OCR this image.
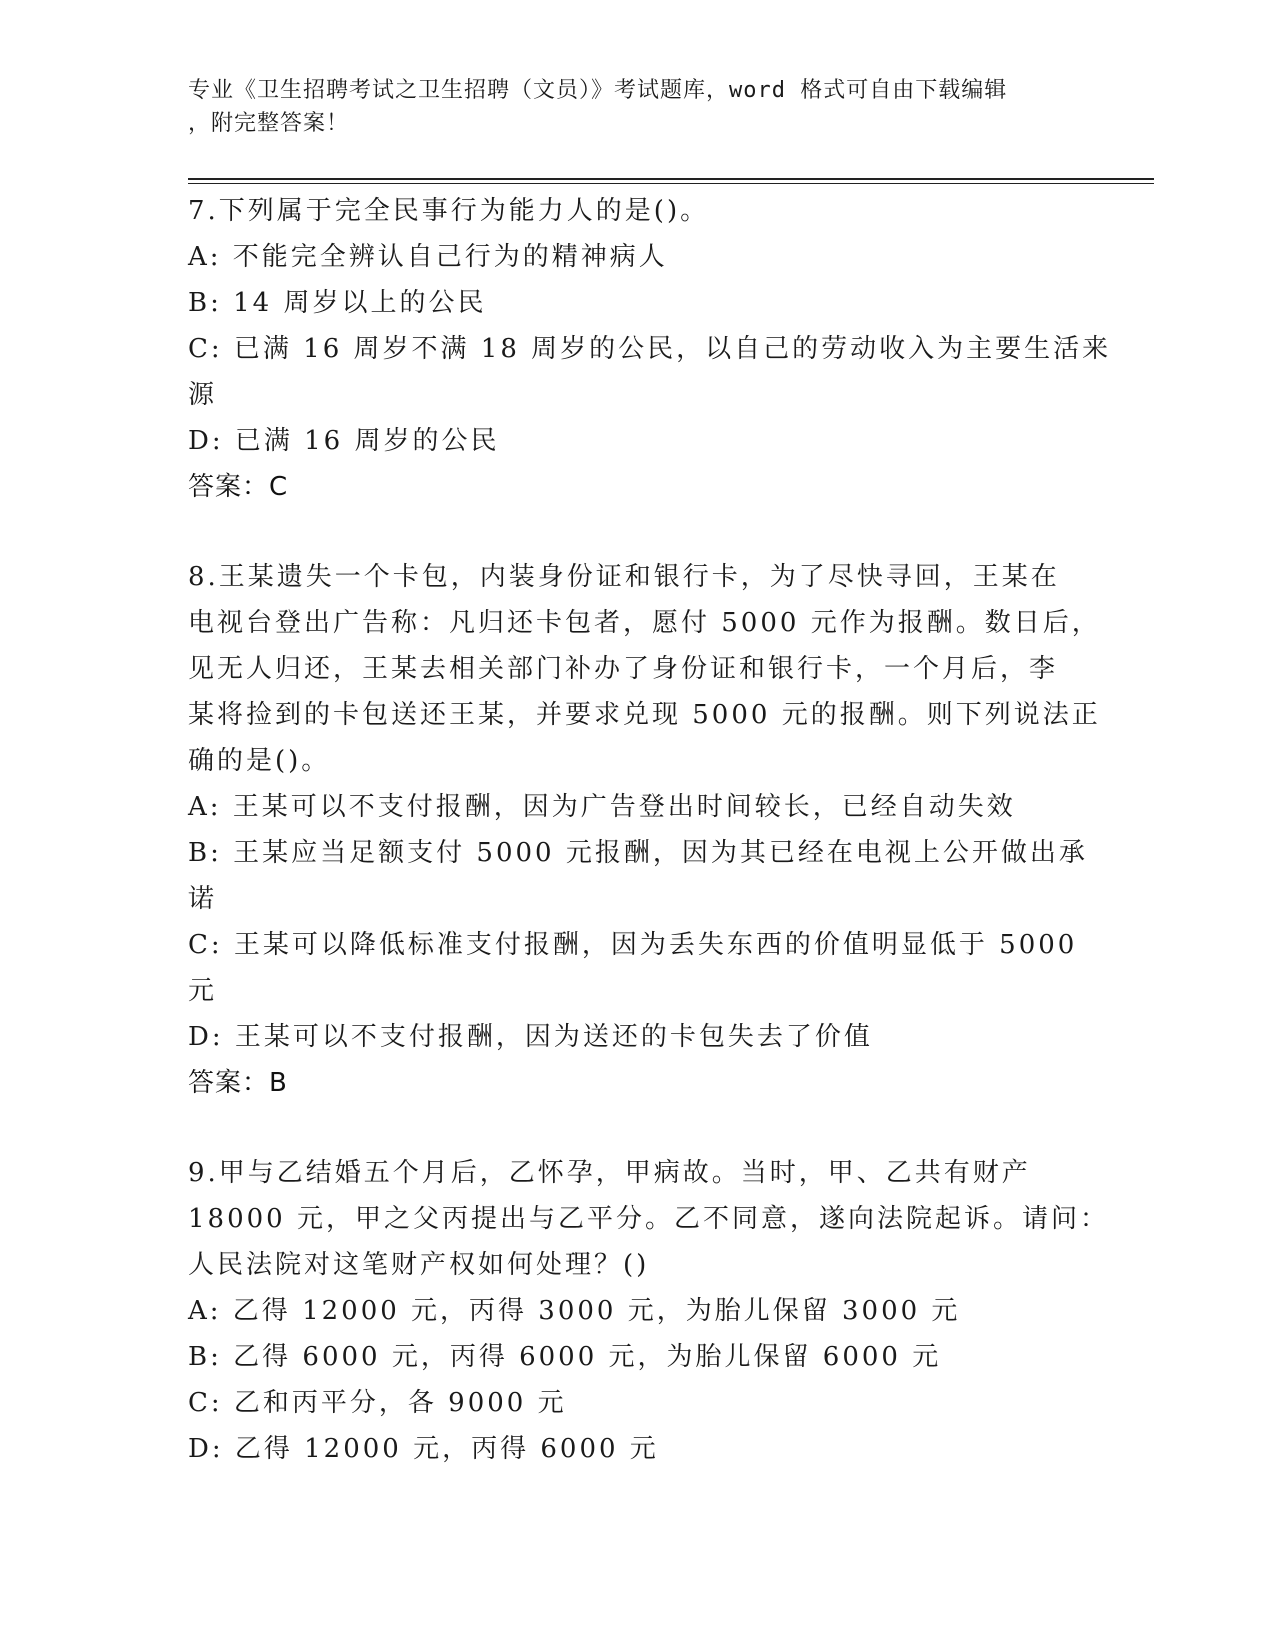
专业《卫生招聘考试之卫生招聘（文员）》考试题库，word 格式可自由下载编辑
，附完整答案！
7.下列属于完全民事行为能力人的是()。
A: 不能完全辨认自己行为的精神病人
B: 14 周岁以上的公民
C: 已满 16 周岁不满 18 周岁的公民，以自己的劳动收入为主要生活来
源
D: 已满 16 周岁的公民
答案：C
8.王某遗失一个卡包，内装身份证和银行卡，为了尽快寻回，王某在
电视台登出广告称：凡归还卡包者，愿付 5000 元作为报酬。数日后，
见无人归还，王某去相关部门补办了身份证和银行卡，一个月后，李
某将捡到的卡包送还王某，并要求兑现 5000 元的报酬。则下列说法正
确的是()。
A: 王某可以不支付报酬，因为广告登出时间较长，已经自动失效
B: 王某应当足额支付 5000 元报酬，因为其已经在电视上公开做出承
诺
C: 王某可以降低标准支付报酬，因为丢失东西的价值明显低于 5000
元
D: 王某可以不支付报酬，因为送还的卡包失去了价值
答案：B
9.甲与乙结婚五个月后，乙怀孕，甲病故。当时，甲、乙共有财产
18000 元，甲之父丙提出与乙平分。乙不同意，遂向法院起诉。请问：
人民法院对这笔财产权如何处理？()
A: 乙得 12000 元，丙得 3000 元，为胎儿保留 3000 元
B: 乙得 6000 元，丙得 6000 元，为胎儿保留 6000 元
C: 乙和丙平分，各 9000 元
D: 乙得 12000 元，丙得 6000 元
